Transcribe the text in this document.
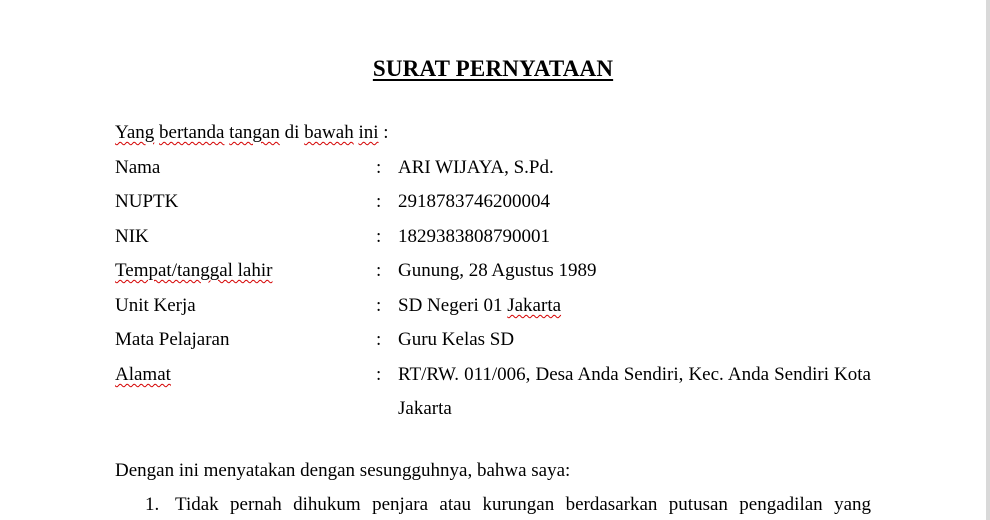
SURAT PERNYATAAN
Yang bertanda tangan di bawah ini :
Nama	: ARI WIJAYA, S.Pd.
NUPTK	: 2918783746200004
NIK	: 1829383808790001
Tempat/tanggal lahir	: Gunung, 28 Agustus 1989
Unit Kerja	: SD Negeri 01 Jakarta
Mata Pelajaran	: Guru Kelas SD
Alamat	: RT/RW. 011/006, Desa Anda Sendiri, Kec. Anda Sendiri Kota Jakarta
Dengan ini menyatakan dengan sesungguhnya, bahwa saya:
1. Tidak pernah dihukum penjara atau kurungan berdasarkan putusan pengadilan yang
